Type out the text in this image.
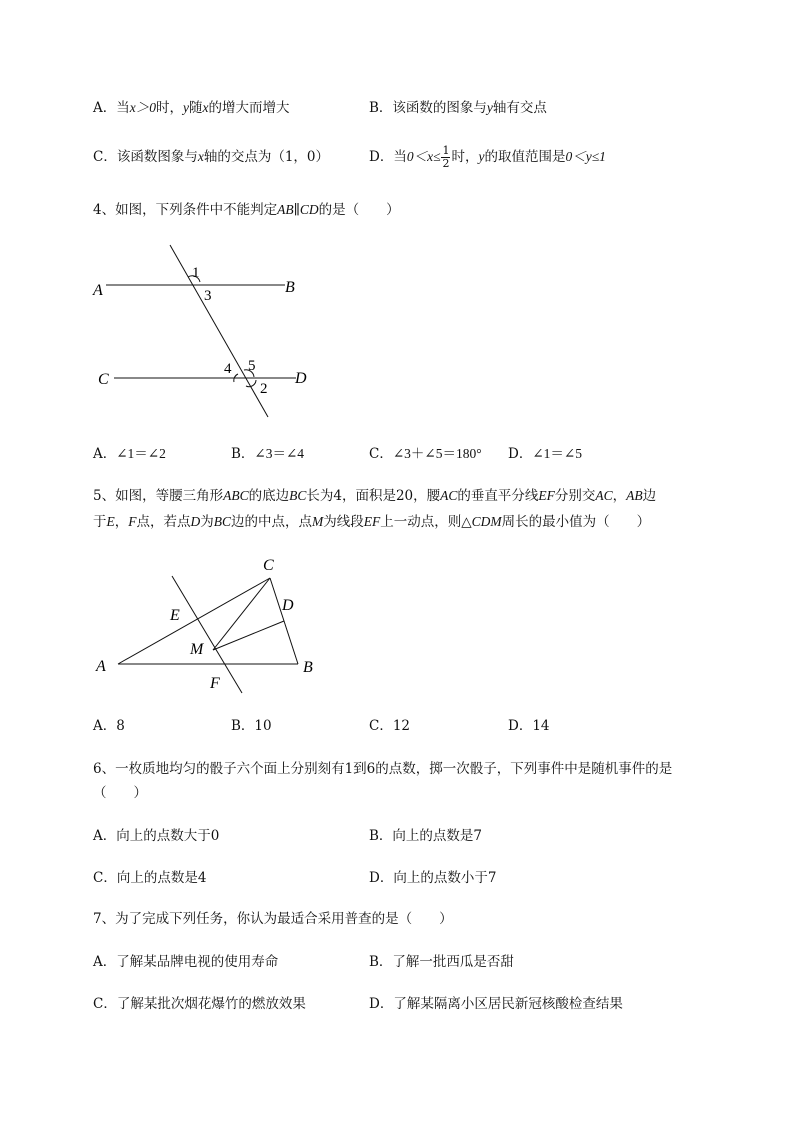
A．当x＞0时，y随x的增大而增大	B．该函数的图象与y轴有交点
C．该函数图象与x轴的交点为（1，0）	D．当$0<x\le \frac{1}{2}$ 时，y的取值范围是0＜y≤1
4、如图，下列条件中不能判定AB∥CD的是（　　）
A	B
C	D
1
3
4 5
2
A．∠1＝∠2	B．∠3＝∠4	C．∠3＋∠5＝180° D．∠1＝∠5
5、如图，等腰三角形ABC的底边BC长为4，面积是20，腰AC的垂直平分线EF分别交AC，AB边
于E，F点，若点D为BC边的中点，点M为线段EF上一动点，则△CDM周长的最小值为（　　）
A	B
C
D
E
F
M
A．8	B．10	C．12	D．14
6、一枚质地均匀的骰子六个面上分别刻有1到6的点数，掷一次骰子，下列事件中是随机事件的是
（　　）
A．向上的点数大于0	B．向上的点数是7
C．向上的点数是4	D．向上的点数小于7
7、为了完成下列任务，你认为最适合采用普查的是（　　）
A．了解某品牌电视的使用寿命	B．了解一批西瓜是否甜
C．了解某批次烟花爆竹的燃放效果	D．了解某隔离小区居民新冠核酸检查结果
